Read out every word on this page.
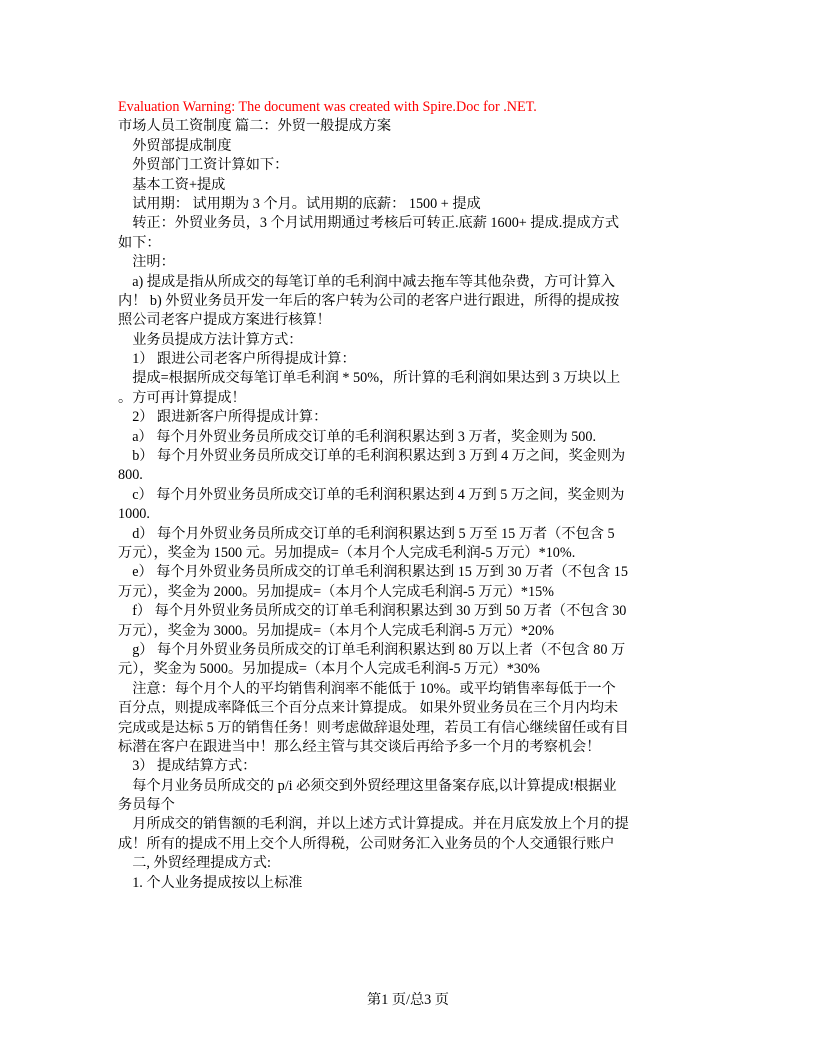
Evaluation Warning: The document was created with Spire.Doc for .NET.
市场人员工资制度 篇二：外贸一般提成方案
　外贸部提成制度
　外贸部门工资计算如下：
　基本工资+提成
　试用期： 试用期为 3 个月。试用期的底薪： 1500 + 提成
　转正：外贸业务员，3 个月试用期通过考核后可转正.底薪 1600+ 提成.提成方式
如下：
　注明：
　a) 提成是指从所成交的每笔订单的毛利润中减去拖车等其他杂费，方可计算入
内！ b) 外贸业务员开发一年后的客户转为公司的老客户进行跟进，所得的提成按
照公司老客户提成方案进行核算！
　业务员提成方法计算方式：
　1） 跟进公司老客户所得提成计算：
　提成=根据所成交每笔订单毛利润 * 50%，所计算的毛利润如果达到 3 万块以上
。方可再计算提成！
　2） 跟进新客户所得提成计算：
　a） 每个月外贸业务员所成交订单的毛利润积累达到 3 万者，奖金则为 500.
　b） 每个月外贸业务员所成交订单的毛利润积累达到 3 万到 4 万之间，奖金则为
800.
　c） 每个月外贸业务员所成交订单的毛利润积累达到 4 万到 5 万之间，奖金则为
1000.
　d） 每个月外贸业务员所成交订单的毛利润积累达到 5 万至 15 万者（不包含 5
万元），奖金为 1500 元。另加提成=（本月个人完成毛利润-5 万元）*10%.
　e） 每个月外贸业务员所成交的订单毛利润积累达到 15 万到 30 万者（不包含 15
万元），奖金为 2000。另加提成=（本月个人完成毛利润-5 万元）*15%
　f） 每个月外贸业务员所成交的订单毛利润积累达到 30 万到 50 万者（不包含 30
万元），奖金为 3000。另加提成=（本月个人完成毛利润-5 万元）*20%
　g） 每个月外贸业务员所成交的订单毛利润积累达到 80 万以上者（不包含 80 万
元），奖金为 5000。另加提成=（本月个人完成毛利润-5 万元）*30%
　注意：每个月个人的平均销售利润率不能低于 10%。或平均销售率每低于一个
百分点，则提成率降低三个百分点来计算提成。 如果外贸业务员在三个月内均未
完成或是达标 5 万的销售任务！则考虑做辞退处理，若员工有信心继续留任或有目
标潜在客户在跟进当中！那么经主管与其交谈后再给予多一个月的考察机会！
　3） 提成结算方式：
　每个月业务员所成交的 p/i 必须交到外贸经理这里备案存底,以计算提成!根据业
务员每个
　月所成交的销售额的毛利润，并以上述方式计算提成。并在月底发放上个月的提
成！所有的提成不用上交个人所得税，公司财务汇入业务员的个人交通银行账户
　二, 外贸经理提成方式:
　1. 个人业务提成按以上标准
第1 页/总3 页
